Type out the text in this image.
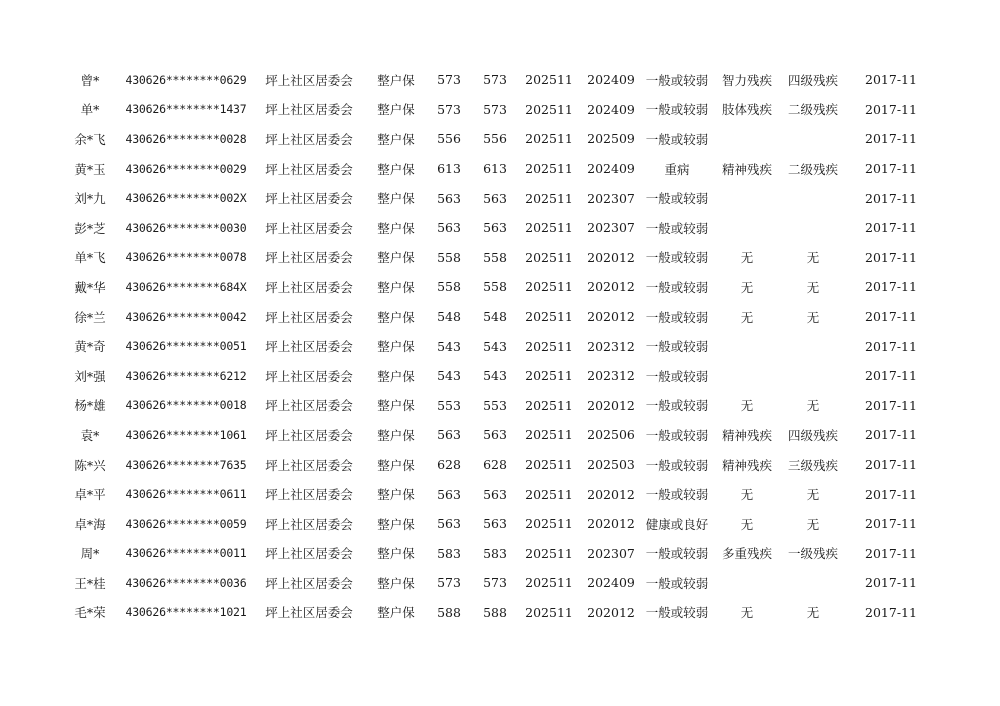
曾*	430626********0629	坪上社区居委会	整户保	573	573	202511	202409	一般或较弱	智力残疾	四级残疾	2017-11
单*	430626********1437	坪上社区居委会	整户保	573	573	202511	202409	一般或较弱	肢体残疾	二级残疾	2017-11
余*飞	430626********0028	坪上社区居委会	整户保	556	556	202511	202509	一般或较弱			2017-11
黄*玉	430626********0029	坪上社区居委会	整户保	613	613	202511	202409	重病	精神残疾	二级残疾	2017-11
刘*九	430626********002X	坪上社区居委会	整户保	563	563	202511	202307	一般或较弱			2017-11
彭*芝	430626********0030	坪上社区居委会	整户保	563	563	202511	202307	一般或较弱			2017-11
单*飞	430626********0078	坪上社区居委会	整户保	558	558	202511	202012	一般或较弱	无	无	2017-11
戴*华	430626********684X	坪上社区居委会	整户保	558	558	202511	202012	一般或较弱	无	无	2017-11
徐*兰	430626********0042	坪上社区居委会	整户保	548	548	202511	202012	一般或较弱	无	无	2017-11
黄*奇	430626********0051	坪上社区居委会	整户保	543	543	202511	202312	一般或较弱			2017-11
刘*强	430626********6212	坪上社区居委会	整户保	543	543	202511	202312	一般或较弱			2017-11
杨*雄	430626********0018	坪上社区居委会	整户保	553	553	202511	202012	一般或较弱	无	无	2017-11
袁*	430626********1061	坪上社区居委会	整户保	563	563	202511	202506	一般或较弱	精神残疾	四级残疾	2017-11
陈*兴	430626********7635	坪上社区居委会	整户保	628	628	202511	202503	一般或较弱	精神残疾	三级残疾	2017-11
卓*平	430626********0611	坪上社区居委会	整户保	563	563	202511	202012	一般或较弱	无	无	2017-11
卓*海	430626********0059	坪上社区居委会	整户保	563	563	202511	202012	健康或良好	无	无	2017-11
周*	430626********0011	坪上社区居委会	整户保	583	583	202511	202307	一般或较弱	多重残疾	一级残疾	2017-11
王*桂	430626********0036	坪上社区居委会	整户保	573	573	202511	202409	一般或较弱			2017-11
毛*荣	430626********1021	坪上社区居委会	整户保	588	588	202511	202012	一般或较弱	无	无	2017-11
